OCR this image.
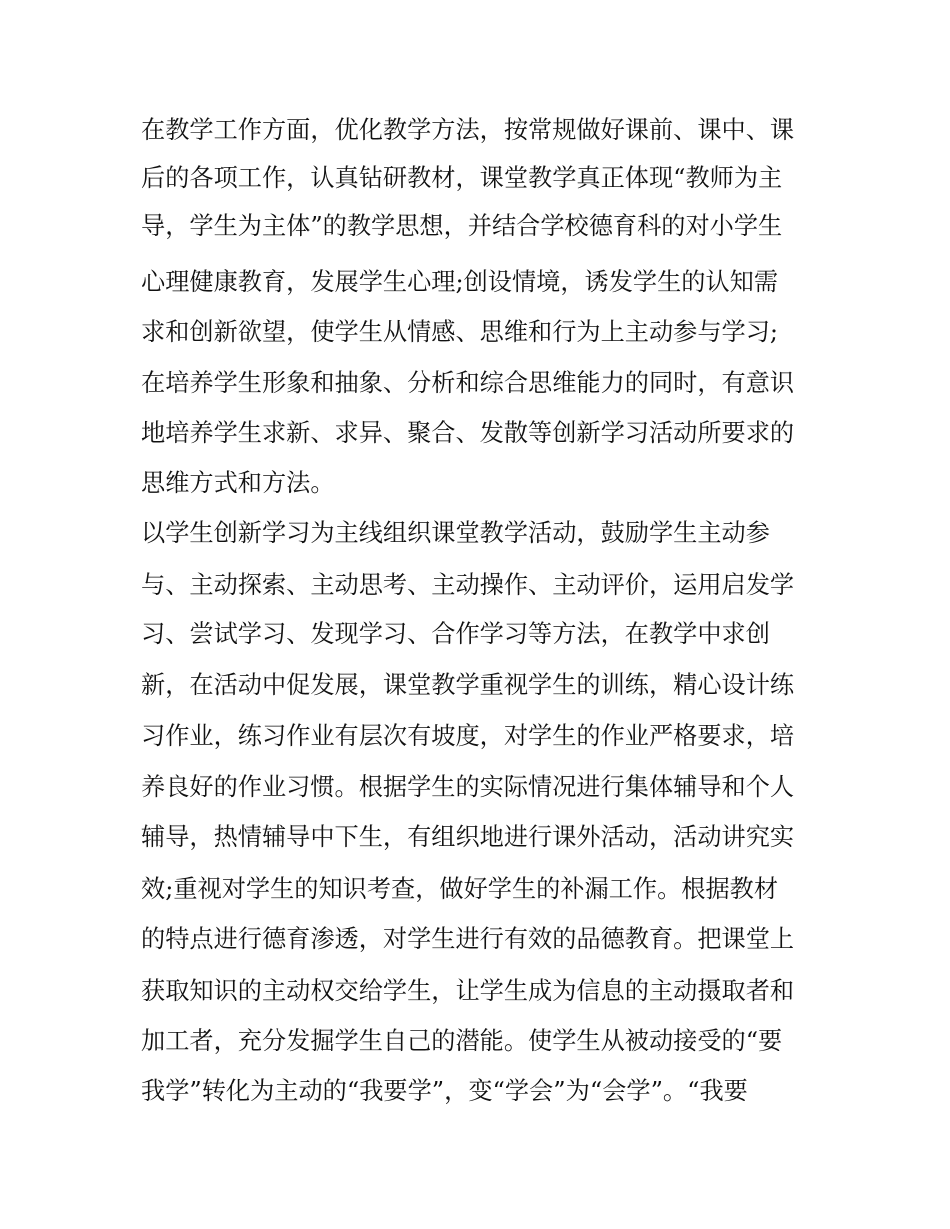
在教学工作方面，优化教学方法，按常规做好课前、课中、课
后的各项工作，认真钻研教材，课堂教学真正体现“教师为主
导，学生为主体”的教学思想，并结合学校德育科的对小学生
心理健康教育，发展学生心理;创设情境，诱发学生的认知需
求和创新欲望，使学生从情感、思维和行为上主动参与学习;
在培养学生形象和抽象、分析和综合思维能力的同时，有意识
地培养学生求新、求异、聚合、发散等创新学习活动所要求的
思维方式和方法。
以学生创新学习为主线组织课堂教学活动，鼓励学生主动参
与、主动探索、主动思考、主动操作、主动评价，运用启发学
习、尝试学习、发现学习、合作学习等方法，在教学中求创
新，在活动中促发展，课堂教学重视学生的训练，精心设计练
习作业，练习作业有层次有坡度，对学生的作业严格要求，培
养良好的作业习惯。根据学生的实际情况进行集体辅导和个人
辅导，热情辅导中下生，有组织地进行课外活动，活动讲究实
效;重视对学生的知识考查，做好学生的补漏工作。根据教材
的特点进行德育渗透，对学生进行有效的品德教育。把课堂上
获取知识的主动权交给学生，让学生成为信息的主动摄取者和
加工者，充分发掘学生自己的潜能。使学生从被动接受的“要
我学”转化为主动的“我要学”，变“学会”为“会学”。“我要
